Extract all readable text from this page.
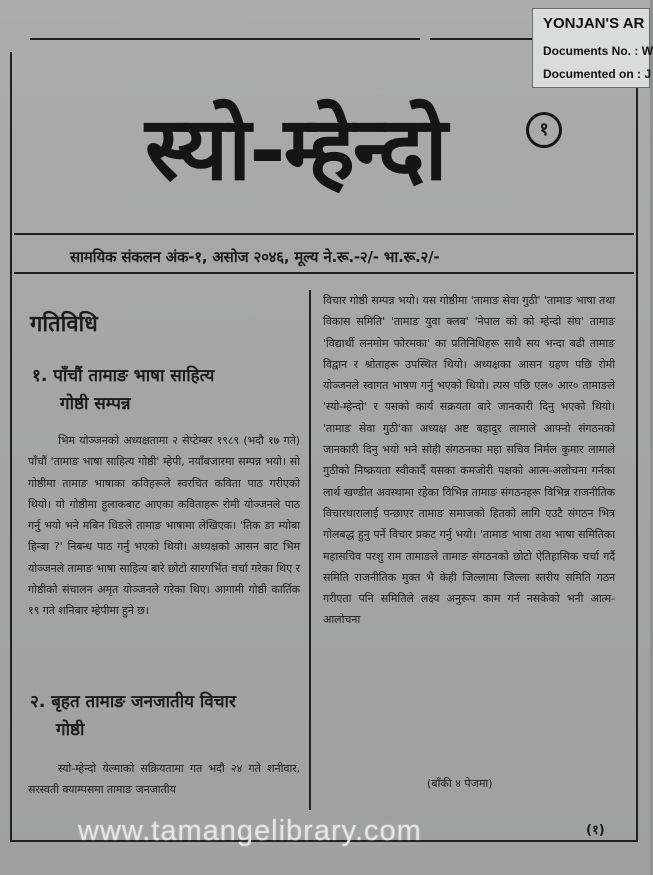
YONJAN'S AR
Documents No. : W
Documented on : J
स्यो-म्हेन्दो	१
सामयिक संकलन अंक-१, असोज २०४६, मूल्य ने.रू.-२/- भा.रू.२/-
गतिविधि
१. पाँचौं तामाङ भाषा साहित्य
गोष्ठी सम्पन्न
भिम योञ्जनको अध्यक्षतामा २ सेप्टेम्बर १९८९ (भदौ १७ गते) पाँचौं 'तामाङ भाषा साहित्य गोष्ठी' म्हेपी, नयाँबजारमा सम्पन्न भयो। सो गोष्ठीमा तामाङ भाषाका कविहरूले स्वरचित कविता पाठ गरीएको थियो। यो गोष्ठीमा हुलाकबाट आएका कविताहरू रोमी योञ्जनले पाठ गर्नु भयो भने मबिन धिङले तामाङ भाषामा लेखिएक। 'तिक ङा म्योबा हिन्बा ?' निबन्ध पाठ गर्नु भएको थियो। अध्यक्षको आसन बाट भिम योञ्जनले तामाङ भाषा साहित्य बारे छोटो सारगर्भित चर्चा गरेका थिए र गोष्ठीको संचालन अमृत योञ्जनले गरेका थिए। आगामी गोष्ठी कार्तिक १९ गते शनिबार म्हेपीमा हुने छ।
२. बृहत तामाङ जनजातीय विचार
गोष्ठी
स्यो-म्हेन्दो येल्माको सक्रियतामा गत भदौ २४ गते शनीवार, सरस्वती क्याम्पसमा तामाङ जनजातीय
विचार गोष्ठी सम्पन्न भयो। यस गोष्ठीमा 'तामाङ सेवा गुठी' 'तामाङ भाषा तथा विकास समिति' 'तामाङ युवा क्लब' 'नेपाल को को म्हेन्दो संघ' तामाङ 'विद्यार्थी लनमोम फोरमका' का प्रतिनिधिहरू साथै सय भन्दा बढी तामाङ विद्वान र श्रोताहरू उपस्थित थियो। अध्यक्षका आसन ग्रहण पछि रोमी योञ्जनले स्वागत भाषण गर्नु भएको थियो। त्यस पछि एल० आर० तामाङले 'स्यो-म्हेन्दो' र यसको कार्य सक्रयता बारे जानकारी दिनु भएको थियो। 'तामाङ सेवा गुठी'का अध्यक्ष अष्ट बहादुर लामाले आफ्नो संगठनको जानकारी दिनु भयो भने सोही संगठनका महा सचिव निर्मल कुमार लामाले गुठीको निष्क्रयता स्वीकार्दै यसका कमजोरी पक्षको आत्म-अलोचना गर्नका लार्थ खण्डीत अवस्थामा रहेका विभिन्न तामाङ संगठनहरू विभिन्न राजनीतिक विचारधारालाई पन्छाएर तामाङ समाजको हितको लागि एउटै संगठन भित्र गोलबद्ध हुनु पर्ने विचार प्रकट गर्नु भयो। 'तामाङ भाषा तथा भाषा समितिका महासचिव परशु राम तामाङले तामाङ संगठनको छोटो ऐतिहासिक चर्चा गर्दै समिति राजनीतिक मुक्त भै केही जिल्लामा जिल्ला स्तरीय समिति गठन गरीएता पनि समितिले लक्ष्य अनुरूप काम गर्न नसकेको भनी आत्म-आलोचना
(बाँकी ४ पेजमा)
www.tamangelibrary.com	(१)
